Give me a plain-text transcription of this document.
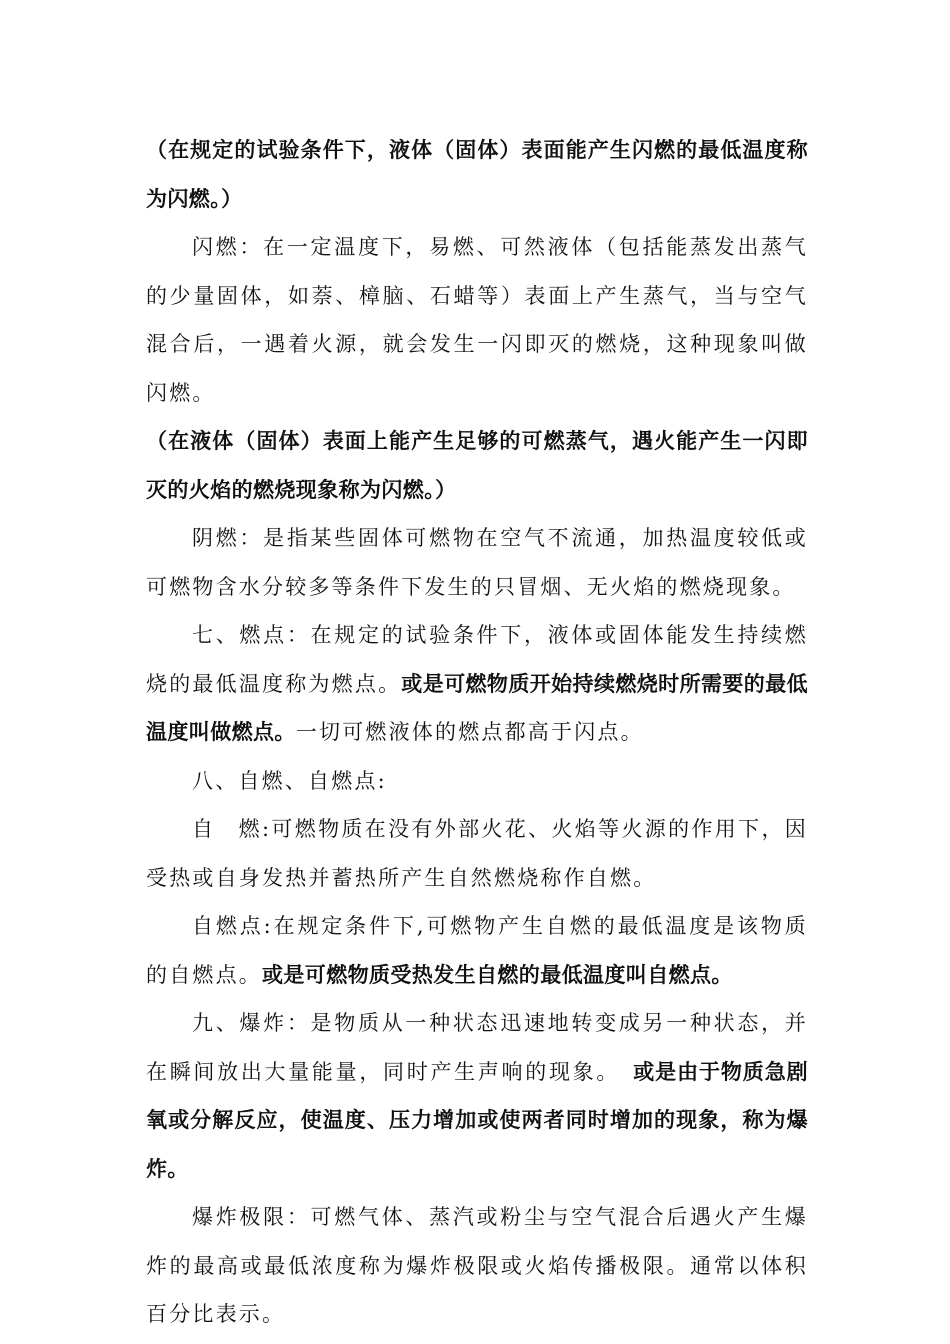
（在规定的试验条件下，液体（固体）表面能产生闪燃的最低温度称为闪燃。）

闪燃：在一定温度下，易燃、可然液体（包括能蒸发出蒸气的少量固体，如萘、樟脑、石蜡等）表面上产生蒸气，当与空气混合后，一遇着火源，就会发生一闪即灭的燃烧，这种现象叫做闪燃。

（在液体（固体）表面上能产生足够的可燃蒸气，遇火能产生一闪即灭的火焰的燃烧现象称为闪燃。）

阴燃：是指某些固体可燃物在空气不流通，加热温度较低或可燃物含水分较多等条件下发生的只冒烟、无火焰的燃烧现象。

七、燃点：在规定的试验条件下，液体或固体能发生持续燃烧的最低温度称为燃点。或是可燃物质开始持续燃烧时所需要的最低温度叫做燃点。一切可燃液体的燃点都高于闪点。

八、自燃、自燃点:

自　燃:可燃物质在没有外部火花、火焰等火源的作用下，因受热或自身发热并蓄热所产生自然燃烧称作自燃。

自燃点:在规定条件下,可燃物产生自燃的最低温度是该物质的自燃点。或是可燃物质受热发生自燃的最低温度叫自燃点。

九、爆炸：是物质从一种状态迅速地转变成另一种状态，并在瞬间放出大量能量，同时产生声响的现象。　或是由于物质急剧氧或分解反应，使温度、压力增加或使两者同时增加的现象，称为爆炸。

爆炸极限：可燃气体、蒸汽或粉尘与空气混合后遇火产生爆炸的最高或最低浓度称为爆炸极限或火焰传播极限。通常以体积百分比表示。
